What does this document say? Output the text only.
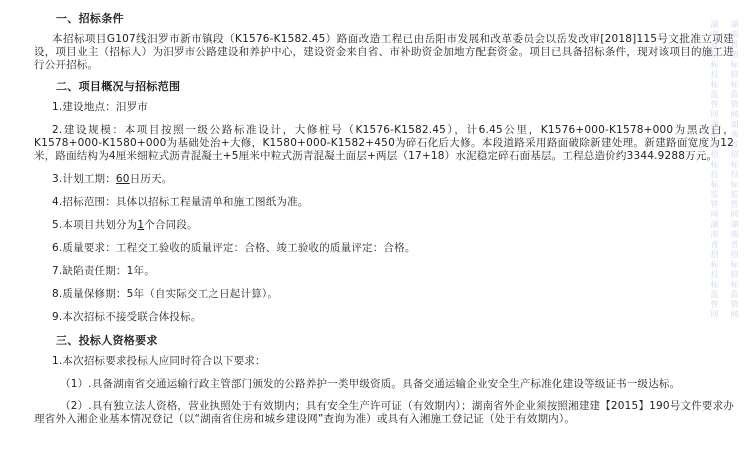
一、招标条件
本招标项目G107线汨罗市新市镇段（K1576-K1582.45）路面改造工程已由岳阳市发展和改革委员会以岳发改审[2018]115号文批准立项建设，项目业主（招标人）为汨罗市公路建设和养护中心，建设资金来自省、市补助资金加地方配套资金。项目已具备招标条件，现对该项目的施工进行公开招标。
二、项目概况与招标范围
1.建设地点：汨罗市
2.建设规模：本项目按照一级公路标准设计，大修桩号（K1576-K1582.45），计6.45公里，K1576+000-K1578+000为黑改白，K1578+000-K1580+000为基础处治+大修，K1580+000-K1582+450为碎石化后大修。本段道路采用路面破除新建处理。新建路面宽度为12米，路面结构为4厘米细粒式沥青混凝土+5厘米中粒式沥青混凝土面层+两层（17+18）水泥稳定碎石面基层。工程总造价约3344.9288万元。
3.计划工期：60日历天。
4.招标范围：具体以招标工程量清单和施工图纸为准。
5.本项目共划分为1个合同段。
6.质量要求：工程交工验收的质量评定：合格、竣工验收的质量评定：合格。
7.缺陷责任期：1年。
8.质量保修期：5年（自实际交工之日起计算）。
9.本次招标不接受联合体投标。
三、投标人资格要求
1.本次招标要求投标人应同时符合以下要求：
（1）.具备湖南省交通运输行政主管部门颁发的公路养护一类甲级资质。具备交通运输企业安全生产标准化建设等级证书一级达标。
（2）.具有独立法人资格，营业执照处于有效期内；具有安全生产许可证（有效期内）；湖南省外企业须按照湘建建【2015】190号文件要求办理省外入湘企业基本情况登记（以“湖南省住房和城乡建设网”查询为准）或具有入湘施工登记证（处于有效期内）。
湖南省招标投标监管网湖南省招标投标监管网湖南省招标投标监管网 湖南省招标投标监管网湖南省招标投标监管网湖南省招标投标监管网
